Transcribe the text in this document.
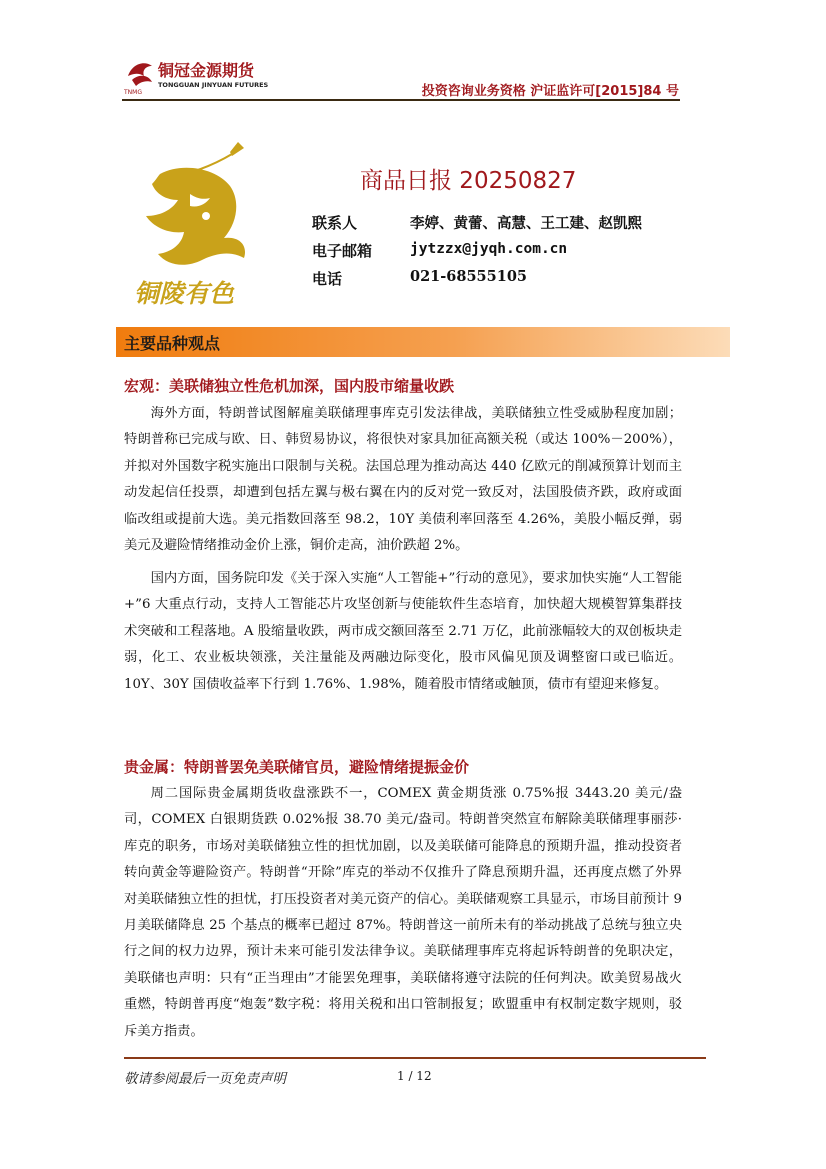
TNMG
铜冠金源期货
TONGGUAN JINYUAN FUTURES	投资咨询业务资格 沪证监许可[2015]84 号
铜陵有色
商品日报 20250827
联系人	李婷、黄蕾、高慧、王工建、赵凯熙
电子邮箱	jytzzx@jyqh.com.cn
电话	021-68555105
主要品种观点
宏观：美联储独立性危机加深，国内股市缩量收跌

海外方面，特朗普试图解雇美联储理事库克引发法律战，美联储独立性受威胁程度加剧；特朗普称已完成与欧、日、韩贸易协议，将很快对家具加征高额关税（或达 100%－200%），并拟对外国数字税实施出口限制与关税。法国总理为推动高达 440 亿欧元的削减预算计划而主动发起信任投票，却遭到包括左翼与极右翼在内的反对党一致反对，法国股债齐跌，政府或面临改组或提前大选。美元指数回落至 98.2，10Y 美债利率回落至 4.26%，美股小幅反弹，弱美元及避险情绪推动金价上涨，铜价走高，油价跌超 2%。

国内方面，国务院印发《关于深入实施“人工智能+”行动的意见》，要求加快实施“人工智能+”6 大重点行动，支持人工智能芯片攻坚创新与使能软件生态培育，加快超大规模智算集群技术突破和工程落地。A 股缩量收跌，两市成交额回落至 2.71 万亿，此前涨幅较大的双创板块走弱，化工、农业板块领涨，关注量能及两融边际变化，股市风偏见顶及调整窗口或已临近。10Y、30Y 国债收益率下行到 1.76%、1.98%，随着股市情绪或触顶，债市有望迎来修复。

贵金属：特朗普罢免美联储官员，避险情绪提振金价

周二国际贵金属期货收盘涨跌不一，COMEX 黄金期货涨 0.75%报 3443.20 美元/盎司，COMEX 白银期货跌 0.02%报 38.70 美元/盎司。特朗普突然宣布解除美联储理事丽莎·库克的职务，市场对美联储独立性的担忧加剧，以及美联储可能降息的预期升温，推动投资者转向黄金等避险资产。特朗普“开除”库克的举动不仅推升了降息预期升温，还再度点燃了外界对美联储独立性的担忧，打压投资者对美元资产的信心。美联储观察工具显示，市场目前预计 9 月美联储降息 25 个基点的概率已超过 87%。特朗普这一前所未有的举动挑战了总统与独立央行之间的权力边界，预计未来可能引发法律争议。美联储理事库克将起诉特朗普的免职决定，美联储也声明：只有“正当理由”才能罢免理事，美联储将遵守法院的任何判决。欧美贸易战火重燃，特朗普再度“炮轰”数字税：将用关税和出口管制报复；欧盟重申有权制定数字规则，驳斥美方指责。

敬请参阅最后一页免责声明	1 / 12
